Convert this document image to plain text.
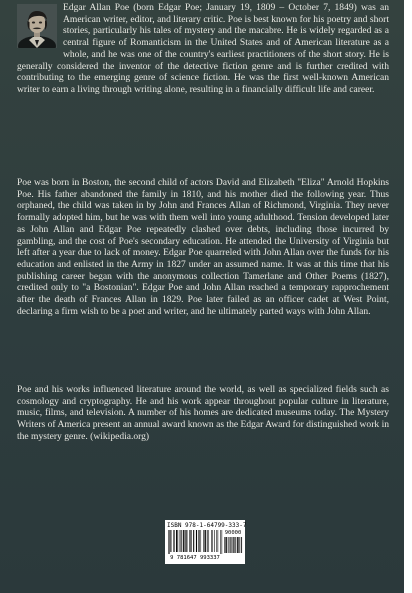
Edgar Allan Poe (born Edgar Poe; January 19, 1809 – October 7, 1849) was an American writer, editor, and literary critic. Poe is best known for his poetry and short stories, particularly his tales of mystery and the macabre. He is widely regarded as a central figure of Romanticism in the United States and of American literature as a whole, and he was one of the country's earliest practitioners of the short story. He is generally considered the inventor of the detective fiction genre and is further credited with contributing to the emerging genre of science fiction. He was the first well-known American writer to earn a living through writing alone, resulting in a financially difficult life and career.

Poe was born in Boston, the second child of actors David and Elizabeth "Eliza" Arnold Hopkins Poe. His father abandoned the family in 1810, and his mother died the following year. Thus orphaned, the child was taken in by John and Frances Allan of Richmond, Virginia. They never formally adopted him, but he was with them well into young adulthood. Tension developed later as John Allan and Edgar Poe repeatedly clashed over debts, including those incurred by gambling, and the cost of Poe's secondary education. He attended the University of Virginia but left after a year due to lack of money. Edgar Poe quarreled with John Allan over the funds for his education and enlisted in the Army in 1827 under an assumed name. It was at this time that his publishing career began with the anonymous collection Tamerlane and Other Poems (1827), credited only to "a Bostonian". Edgar Poe and John Allan reached a temporary rapprochement after the death of Frances Allan in 1829. Poe later failed as an officer cadet at West Point, declaring a firm wish to be a poet and writer, and he ultimately parted ways with John Allan.

Poe and his works influenced literature around the world, as well as specialized fields such as cosmology and cryptography. He and his work appear throughout popular culture in literature, music, films, and television. A number of his homes are dedicated museums today. The Mystery Writers of America present an annual award known as the Edgar Award for distinguished work in the mystery genre. (wikipedia.org)

ISBN 978-1-64799-333-7
90000
9 781647 993337
